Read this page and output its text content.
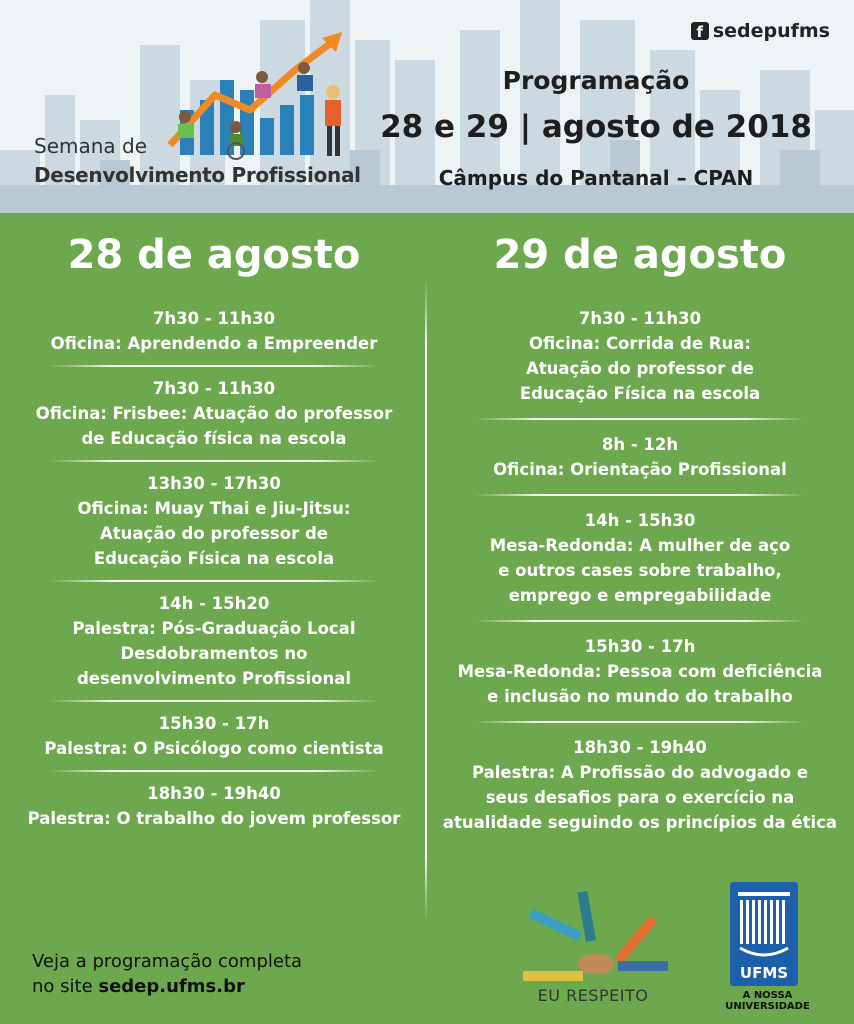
f sedepufms
Semana de
Desenvolvimento Profissional
Programação
28 e 29 | agosto de 2018
Câmpus do Pantanal – CPAN
28 de agosto	29 de agosto
7h30 - 11h30
Oficina: Aprendendo a Empreender
7h30 - 11h30
Oficina: Frisbee: Atuação do professor
de Educação física na escola
13h30 - 17h30
Oficina: Muay Thai e Jiu-Jitsu:
Atuação do professor de
Educação Física na escola
14h - 15h20
Palestra: Pós-Graduação Local
Desdobramentos no
desenvolvimento Profissional
15h30 - 17h
Palestra: O Psicólogo como cientista
18h30 - 19h40
Palestra: O trabalho do jovem professor
7h30 - 11h30
Oficina: Corrida de Rua:
Atuação do professor de
Educação Física na escola
8h - 12h
Oficina: Orientação Profissional
14h - 15h30
Mesa-Redonda: A mulher de aço
e outros cases sobre trabalho,
emprego e empregabilidade
15h30 - 17h
Mesa-Redonda: Pessoa com deficiência
e inclusão no mundo do trabalho
18h30 - 19h40
Palestra: A Profissão do advogado e
seus desafios para o exercício na
atualidade seguindo os princípios da ética
Veja a programação completa
no site sedep.ufms.br	EU RESPEITO
UFMS
A NOSSA UNIVERSIDADE
